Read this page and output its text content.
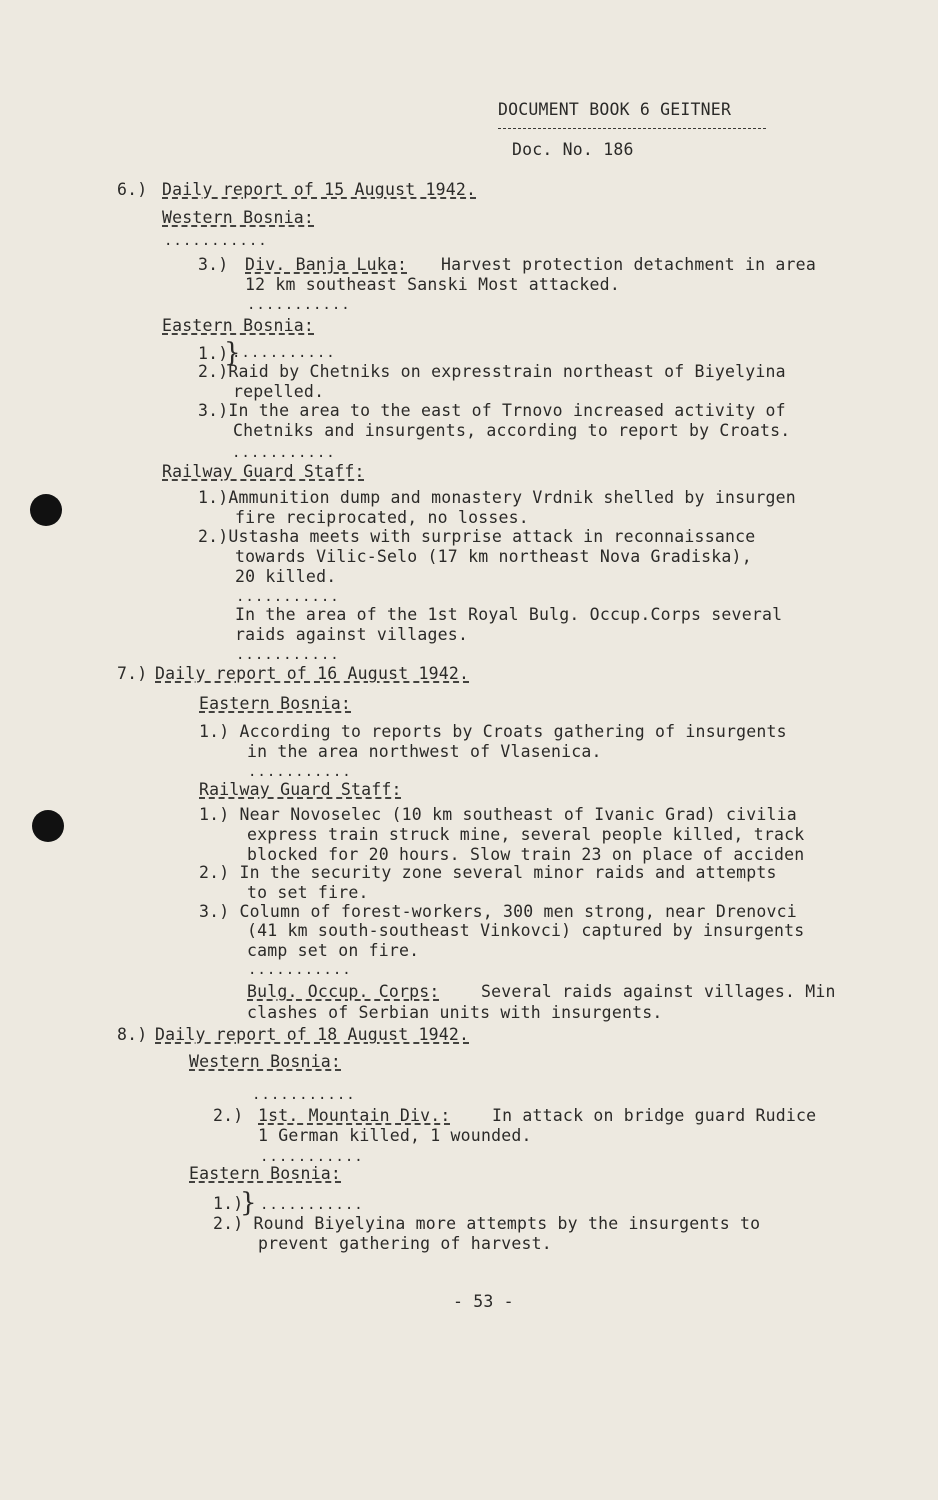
DOCUMENT BOOK 6 GEITNER
Doc. No. 186
6.) Daily report of 15 August 1942.
Western Bosnia:
...........
3.) Div. Banja Luka: Harvest protection detachment in area
12 km southeast Sanski Most attacked.
...........
Eastern Bosnia:
1.) ...........
}
2.)Raid by Chetniks on expresstrain northeast of Biyelyina
repelled.
3.)In the area to the east of Trnovo increased activity of
Chetniks and insurgents, according to report by Croats.
...........
Railway Guard Staff:
1.)Ammunition dump and monastery Vrdnik shelled by insurgen
fire reciprocated, no losses.
2.)Ustasha meets with surprise attack in reconnaissance
towards Vilic-Selo (17 km northeast Nova Gradiska),
20 killed.
...........
In the area of the 1st Royal Bulg. Occup.Corps several
raids against villages.
...........
7.) Daily report of 16 August 1942.
Eastern Bosnia:
1.) According to reports by Croats gathering of insurgents
in the area northwest of Vlasenica.
...........
Railway Guard Staff:
1.) Near Novoselec (10 km southeast of Ivanic Grad) civilia
express train struck mine, several people killed, track
blocked for 20 hours. Slow train 23 on place of acciden
2.) In the security zone several minor raids and attempts
to set fire.
3.) Column of forest-workers, 300 men strong, near Drenovci
(41 km south-southeast Vinkovci) captured by insurgents
camp set on fire.
...........
Bulg. Occup. Corps:	Several raids against villages. Min
clashes of Serbian units with insurgents.
8.) Daily report of 18 August 1942.
Western Bosnia:
...........
2.) 1st. Mountain Div.:	In attack on bridge guard Rudice
1 German killed, 1 wounded.
...........
Eastern Bosnia:
1.) ...........
}
2.) Round Biyelyina more attempts by the insurgents to
prevent gathering of harvest.
- 53 -
